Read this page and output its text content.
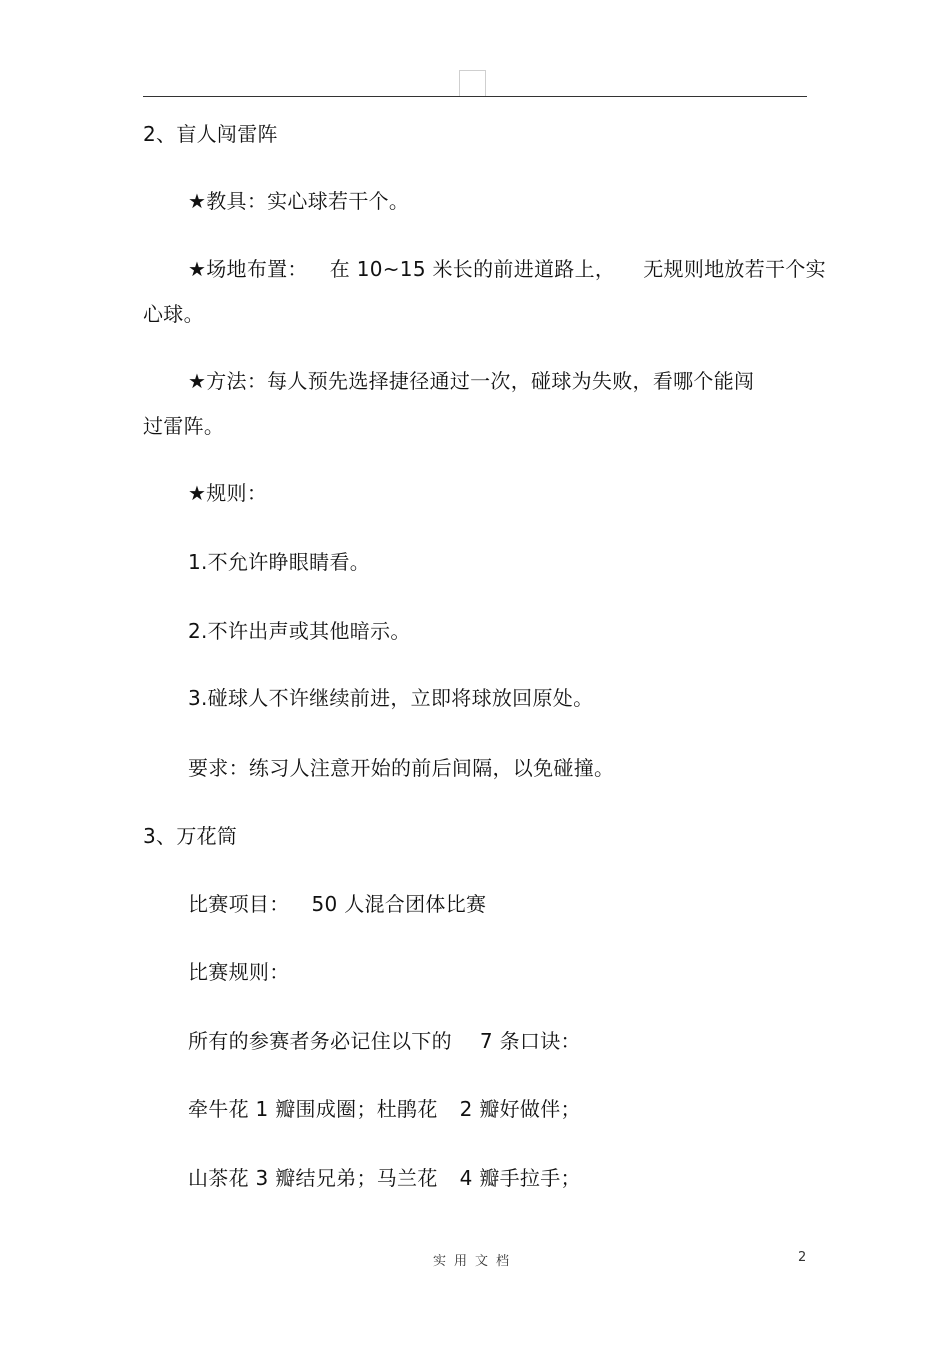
2、盲人闯雷阵
★教具：实心球若干个。
★场地布置： 在 10~15 米长的前进道路上， 无规则地放若干个实
心球。
★方法：每人预先选择捷径通过一次，碰球为失败，看哪个能闯
过雷阵。
★规则：
1.不允许睁眼睛看。
2.不许出声或其他暗示。
3.碰球人不许继续前进，立即将球放回原处。
要求：练习人注意开始的前后间隔，以免碰撞。
3、万花筒
比赛项目： 50 人混合团体比赛
比赛规则：
所有的参赛者务必记住以下的 7 条口诀：
牵牛花 1 瓣围成圈；杜鹃花 2 瓣好做伴；
山茶花 3 瓣结兄弟；马兰花 4 瓣手拉手；
实用文档	2
